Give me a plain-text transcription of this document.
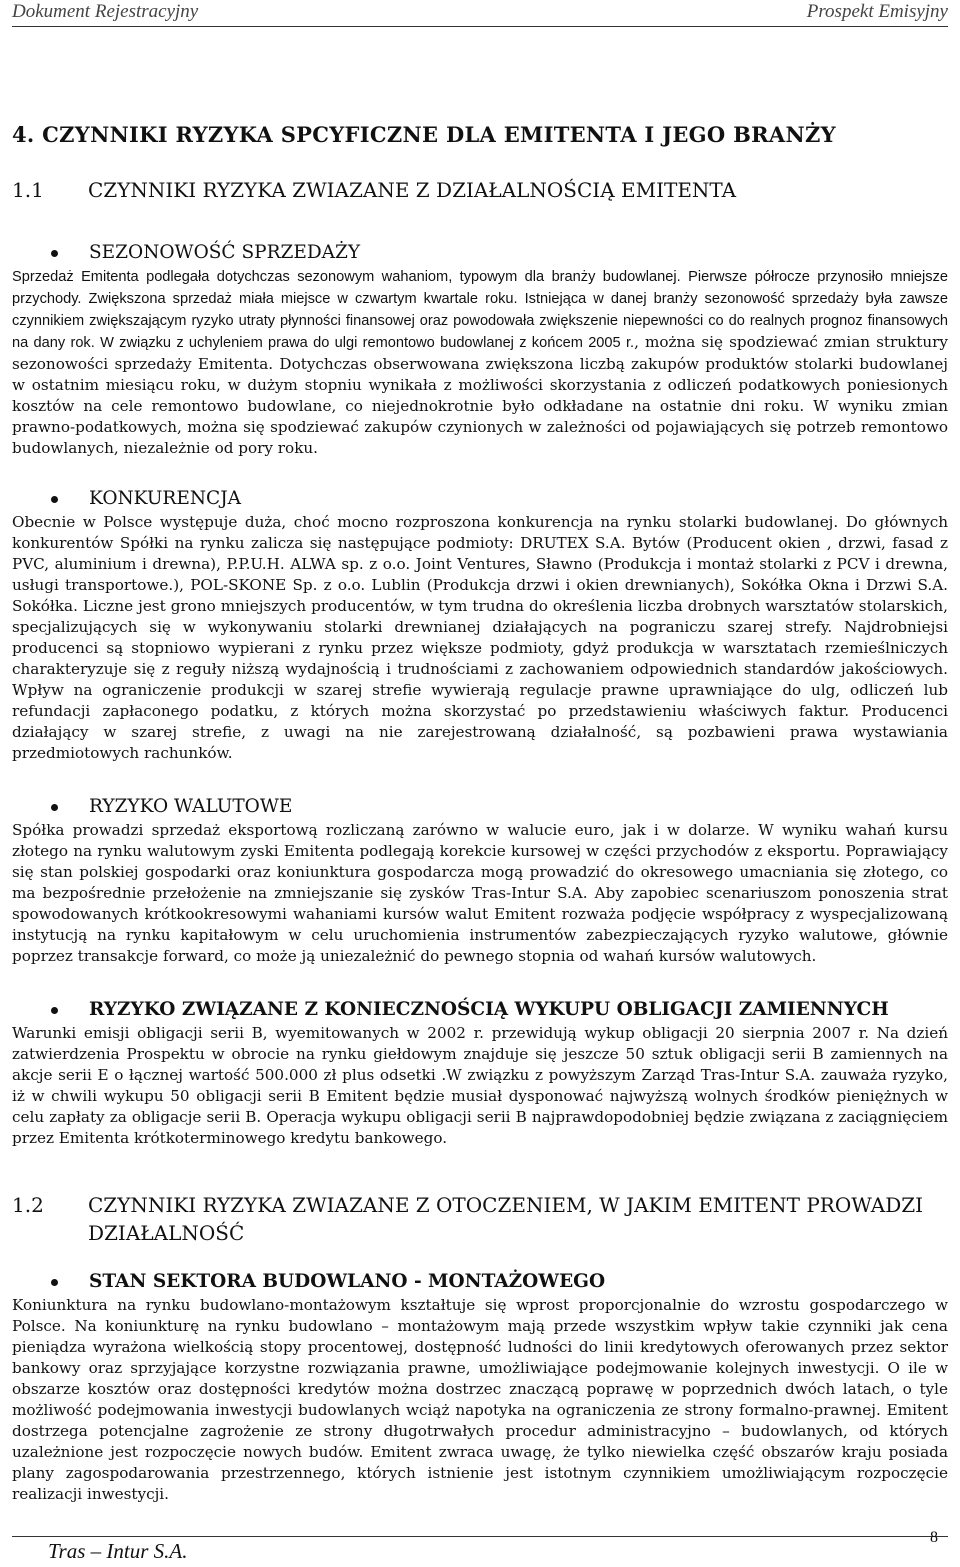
Dokument Rejestracyjny	Prospekt Emisyjny
4. CZYNNIKI RYZYKA SPCYFICZNE DLA EMITENTA I JEGO BRANŻY
1.1	CZYNNIKI RYZYKA ZWIAZANE Z DZIAŁALNOŚCIĄ EMITENTA
SEZONOWOŚĆ SPRZEDAŻY

Sprzedaż Emitenta podlegała dotychczas sezonowym wahaniom, typowym dla branży budowlanej. Pierwsze półrocze przynosiło mniejsze przychody. Zwiększona sprzedaż miała miejsce w czwartym kwartale roku. Istniejąca w danej branży sezonowość sprzedaży była zawsze czynnikiem zwiększającym ryzyko utraty płynności finansowej oraz powodowała zwiększenie niepewności co do realnych prognoz finansowych na dany rok. W związku z uchyleniem prawa do ulgi remontowo budowlanej z końcem 2005 r., można się spodziewać zmian struktury sezonowości sprzedaży Emitenta. Dotychczas obserwowana zwiększona liczbą zakupów produktów stolarki budowlanej w ostatnim miesiącu roku, w dużym stopniu wynikała z możliwości skorzystania z odliczeń podatkowych poniesionych kosztów na cele remontowo budowlane, co niejednokrotnie było odkładane na ostatnie dni roku. W wyniku zmian prawno-podatkowych, można się spodziewać zakupów czynionych w zależności od pojawiających się potrzeb remontowo budowlanych, niezależnie od pory roku.

KONKURENCJA

Obecnie w Polsce występuje duża, choć mocno rozproszona konkurencja na rynku stolarki budowlanej. Do głównych konkurentów Spółki na rynku zalicza się następujące podmioty: DRUTEX S.A. Bytów (Producent okien , drzwi, fasad z PVC, aluminium i drewna), P.P.U.H. ALWA sp. z o.o. Joint Ventures, Sławno (Produkcja i montaż stolarki z PCV i drewna, usługi transportowe.), POL-SKONE Sp. z o.o. Lublin (Produkcja drzwi i okien drewnianych), Sokółka Okna i Drzwi S.A. Sokółka. Liczne jest grono mniejszych producentów, w tym trudna do określenia liczba drobnych warsztatów stolarskich, specjalizujących się w wykonywaniu stolarki drewnianej działających na pograniczu szarej strefy. Najdrobniejsi producenci są stopniowo wypierani z rynku przez większe podmioty, gdyż produkcja w warsztatach rzemieślniczych charakteryzuje się z reguły niższą wydajnością i trudnościami z zachowaniem odpowiednich standardów jakościowych. Wpływ na ograniczenie produkcji w szarej strefie wywierają regulacje prawne uprawniające do ulg, odliczeń lub refundacji zapłaconego podatku, z których można skorzystać po przedstawieniu właściwych faktur. Producenci działający w szarej strefie, z uwagi na nie zarejestrowaną działalność, są pozbawieni prawa wystawiania przedmiotowych rachunków.

RYZYKO WALUTOWE

Spółka prowadzi sprzedaż eksportową rozliczaną zarówno w walucie euro, jak i w dolarze. W wyniku wahań kursu złotego na rynku walutowym zyski Emitenta podlegają korekcie kursowej w części przychodów z eksportu. Poprawiający się stan polskiej gospodarki oraz koniunktura gospodarcza mogą prowadzić do okresowego umacniania się złotego, co ma bezpośrednie przełożenie na zmniejszanie się zysków Tras-Intur S.A. Aby zapobiec scenariuszom ponoszenia strat spowodowanych krótkookresowymi wahaniami kursów walut Emitent rozważa podjęcie współpracy z wyspecjalizowaną instytucją na rynku kapitałowym w celu uruchomienia instrumentów zabezpieczających ryzyko walutowe, głównie poprzez transakcje forward, co może ją uniezależnić do pewnego stopnia od wahań kursów walutowych.

RYZYKO ZWIĄZANE Z KONIECZNOŚCIĄ WYKUPU OBLIGACJI ZAMIENNYCH

Warunki emisji obligacji serii B, wyemitowanych w 2002 r. przewidują wykup obligacji 20 sierpnia 2007 r. Na dzień zatwierdzenia Prospektu w obrocie na rynku giełdowym znajduje się jeszcze 50 sztuk obligacji serii B zamiennych na akcje serii E o łącznej wartość 500.000 zł plus odsetki .W związku z powyższym Zarząd Tras-Intur S.A. zauważa ryzyko, iż w chwili wykupu 50 obligacji serii B Emitent będzie musiał dysponować najwyższą wolnych środków pieniężnych w celu zapłaty za obligacje serii B. Operacja wykupu obligacji serii B najprawdopodobniej będzie związana z zaciągnięciem przez Emitenta krótkoterminowego kredytu bankowego.

1.2	CZYNNIKI RYZYKA ZWIAZANE Z OTOCZENIEM, W JAKIM EMITENT PROWADZI DZIAŁALNOŚĆ
STAN SEKTORA BUDOWLANO - MONTAŻOWEGO

Koniunktura na rynku budowlano-montażowym kształtuje się wprost proporcjonalnie do wzrostu gospodarczego w Polsce. Na koniunkturę na rynku budowlano – montażowym mają przede wszystkim wpływ takie czynniki jak cena pieniądza wyrażona wielkością stopy procentowej, dostępność ludności do linii kredytowych oferowanych przez sektor bankowy oraz sprzyjające korzystne rozwiązania prawne, umożliwiające podejmowanie kolejnych inwestycji. O ile w obszarze kosztów oraz dostępności kredytów można dostrzec znaczącą poprawę w poprzednich dwóch latach, o tyle możliwość podejmowania inwestycji budowlanych wciąż napotyka na ograniczenia ze strony formalno-prawnej. Emitent dostrzega potencjalne zagrożenie ze strony długotrwałych procedur administracyjno – budowlanych, od których uzależnione jest rozpoczęcie nowych budów. Emitent zwraca uwagę, że tylko niewielka część obszarów kraju posiada plany zagospodarowania przestrzennego, których istnienie jest istotnym czynnikiem umożliwiającym rozpoczęcie realizacji inwestycji.

Tras – Intur S.A.
8
